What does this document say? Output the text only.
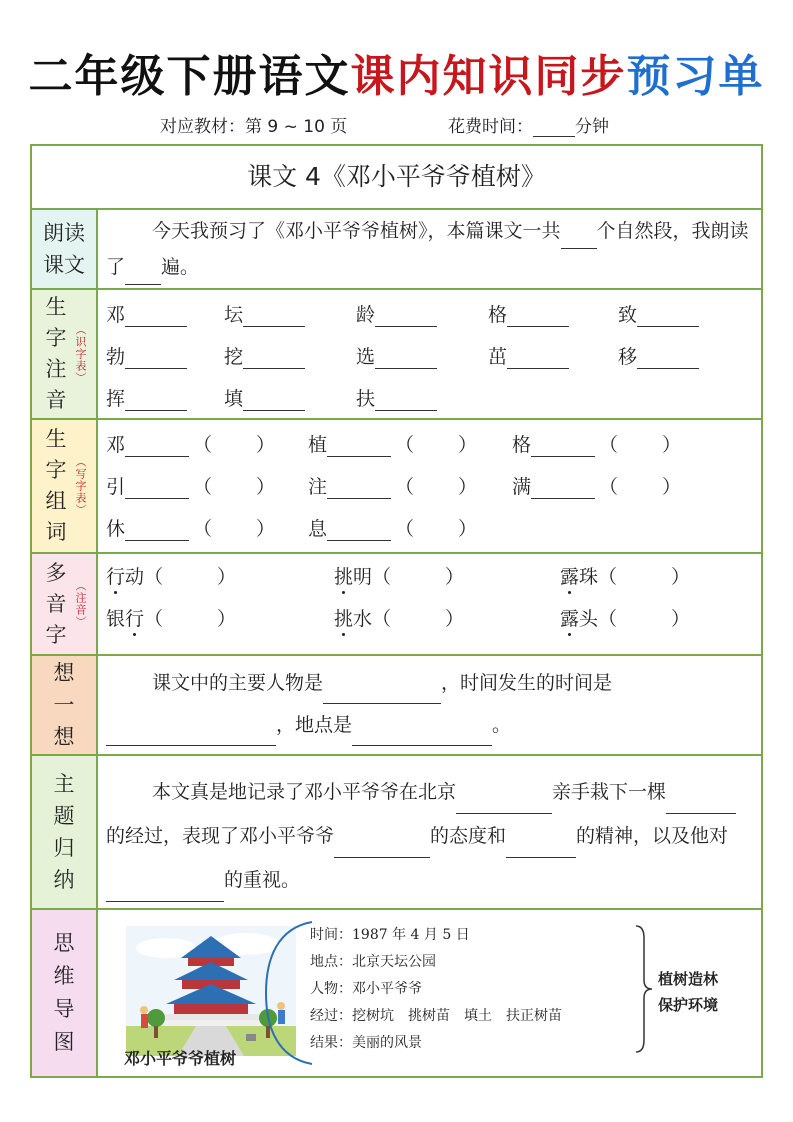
二年级下册语文课内知识同步预习单
对应教材：第 9 ~ 10 页	花费时间： 分钟
课文 4《邓小平爷爷植树》
朗读
课文
今天我预习了《邓小平爷爷植树》，本篇课文一共 个自然段，我朗读了 遍。
生
字
注
音
（识字表）
邓	坛	龄	格	致
勃	挖	选	茁	移
挥	填	扶
生
字
组
词
（写字表）
邓	（ ） 植	（ ） 格	（ ）
引	（ ） 注	（ ） 满	（ ）
休	（ ） 息	（ ）
多
音
字
（注音）
行动（	）	挑明（	）	露珠（	）
银行（	）	挑水（	）	露头（	）
想
一
想
课文中的主要人物是	，时间发生的时间是，地点是	。
主
题
归
纳
本文真是地记录了邓小平爷爷在北京	亲手栽下一棵的经过，表现了邓小平爷爷	的态度和	的精神，以及他对的重视。
思
维
导
图
邓小平爷爷植树
时间：1987 年 4 月 5 日
地点：北京天坛公园
人物：邓小平爷爷
经过：挖树坑　挑树苗　填土　扶正树苗
结果：美丽的风景
植树造林
保护环境
